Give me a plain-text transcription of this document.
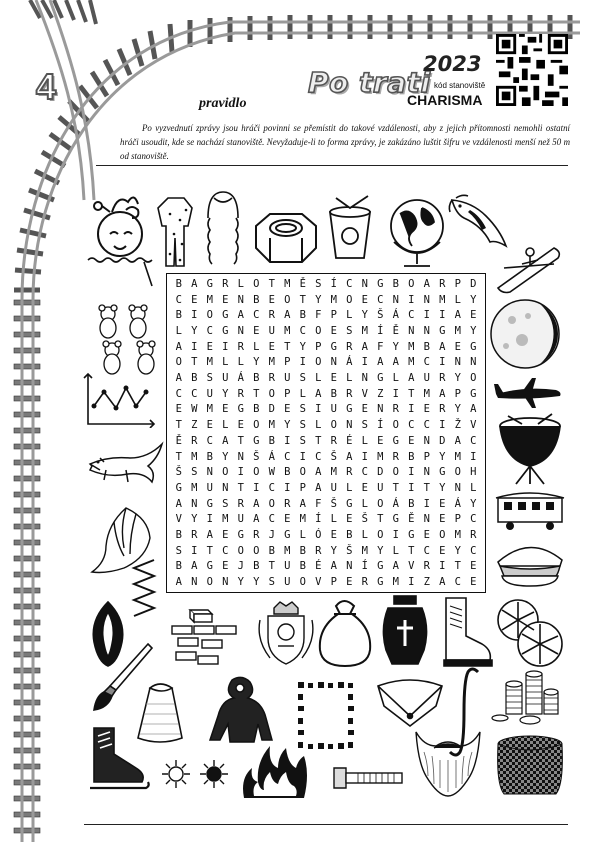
4	Po trati
2023
kód stanoviště
CHARISMA
pravidlo
Po vyzvednutí zprávy jsou hráči povinni se přemístit do takové vzdálenosti, aby z jejich přítomnosti nemohli ostatní hráči usoudit, kde se nachází stanoviště. Nevyžaduje-li to forma zprávy, je zakázáno luštit šifru ve vzdálenosti menší než 50 m od stanoviště.
B A G R L O T M Ě S Í C N G B O A R P D
C E M E N B E O T Y M O E C N I N M L Y
B I O G A C R A B F P L Y Š Á C I I A E
L Y C G N E U M C O E S M Í Ě N N G M Y
A I E I R L E T Y P G R A F Y M B A E G
O T M L L Y M P I O N Á I A A M C I N N
A B S U Á B R U S L E L N G L A U R Y O
C C U Y R T O P L A B R V Z I T M A P G
E W M E G B D E S I U G E N R I E R Y A
T Z E L E O M Y S L O N S Í O C C I Ž V
Ě R C A T G B I S T R É L E G E N D A C
T M B Y N Š Á C I C Š A I M R B P Y M I
Š S N O I O W B O A M R C D O I N G O H
G M U N T I C I P A U L E U T I T Y N L
A N G S R A O R A F Š G L O Á B I E Á Y
V Y I M U A C E M Í L E Š T G Ě N E P C
B R A E G R J G L Ó E B L O I G E O M R
S I T C O O B M B R Y Š M Y L T C E Y C
B A G E J B T U B É A N Í G A V R I T E
A N O N Y Y S U O V P E R G M I Z A C E
